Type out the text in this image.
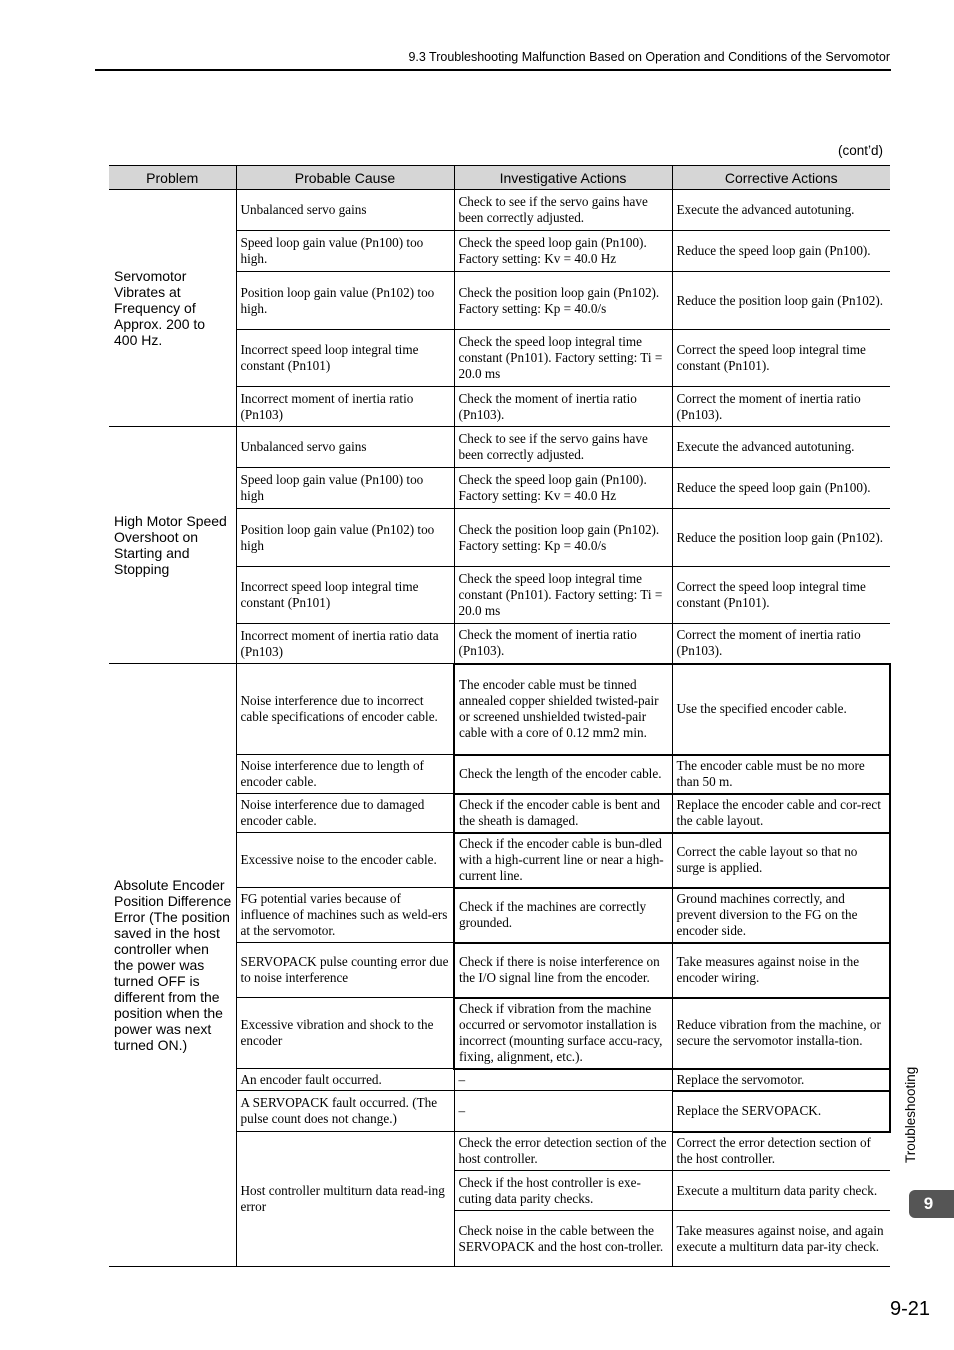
9.3 Troubleshooting Malfunction Based on Operation and Conditions of the Servomotor
(cont’d)
Problem	Probable Cause	Investigative Actions	Corrective Actions
Servomotor Vibrates at Frequency of Approx. 200 to 400 Hz.	Unbalanced servo gains	Check to see if the servo gains have been correctly adjusted.	Execute the advanced autotuning.
	Speed loop gain value (Pn100) too high.	Check the speed loop gain (Pn100). Factory setting: Kv = 40.0 Hz	Reduce the speed loop gain (Pn100).
	Position loop gain value (Pn102) too high.	Check the position loop gain (Pn102). Factory setting: Kp = 40.0/s	Reduce the position loop gain (Pn102).
	Incorrect speed loop integral time constant (Pn101)	Check the speed loop integral time constant (Pn101). Factory setting: Ti = 20.0 ms	Correct the speed loop integral time constant (Pn101).
	Incorrect moment of inertia ratio (Pn103)	Check the moment of inertia ratio (Pn103).	Correct the moment of inertia ratio (Pn103).
High Motor Speed Overshoot on Starting and Stopping	Unbalanced servo gains	Check to see if the servo gains have been correctly adjusted.	Execute the advanced autotuning.
	Speed loop gain value (Pn100) too high	Check the speed loop gain (Pn100). Factory setting: Kv = 40.0 Hz	Reduce the speed loop gain (Pn100).
	Position loop gain value (Pn102) too high	Check the position loop gain (Pn102). Factory setting: Kp = 40.0/s	Reduce the position loop gain (Pn102).
	Incorrect speed loop integral time constant (Pn101)	Check the speed loop integral time constant (Pn101). Factory setting: Ti = 20.0 ms	Correct the speed loop integral time constant (Pn101).
	Incorrect moment of inertia ratio data (Pn103)	Check the moment of inertia ratio (Pn103).	Correct the moment of inertia ratio (Pn103).
Absolute Encoder Position Difference Error (The position saved in the host controller when the power was turned OFF is different from the position when the power was next turned ON.)	Noise interference due to incorrect cable specifications of encoder cable.	The encoder cable must be tinned annealed copper shielded twisted-pair or screened unshielded twisted-pair cable with a core of 0.12 mm2 min.	Use the specified encoder cable.
	Noise interference due to length of encoder cable.	Check the length of the encoder cable.	The encoder cable must be no more than 50 m.
	Noise interference due to damaged encoder cable.	Check if the encoder cable is bent and the sheath is damaged.	Replace the encoder cable and cor-rect the cable layout.
	Excessive noise to the encoder cable.	Check if the encoder cable is bun-dled with a high-current line or near a high-current line.	Correct the cable layout so that no surge is applied.
	FG potential varies because of influence of machines such as weld-ers at the servomotor.	Check if the machines are correctly grounded.	Ground machines correctly, and prevent diversion to the FG on the encoder side.
	SERVOPACK pulse counting error due to noise interference	Check if there is noise interference on the I/O signal line from the encoder.	Take measures against noise in the encoder wiring.
	Excessive vibration and shock to the encoder	Check if vibration from the machine occurred or servomotor installation is incorrect (mounting surface accu-racy, fixing, alignment, etc.).	Reduce vibration from the machine, or secure the servomotor installa-tion.
	An encoder fault occurred.	–	Replace the servomotor.
	A SERVOPACK fault occurred. (The pulse count does not change.)	–	Replace the SERVOPACK.
	Host controller multiturn data read-ing error	Check the error detection section of the host controller.	Correct the error detection section of the host controller.
		Check if the host controller is exe-cuting data parity checks.	Execute a multiturn data parity check.
		Check noise in the cable between the SERVOPACK and the host con-troller.	Take measures against noise, and again execute a multiturn data par-ity check.
Troubleshooting
9
9-21
